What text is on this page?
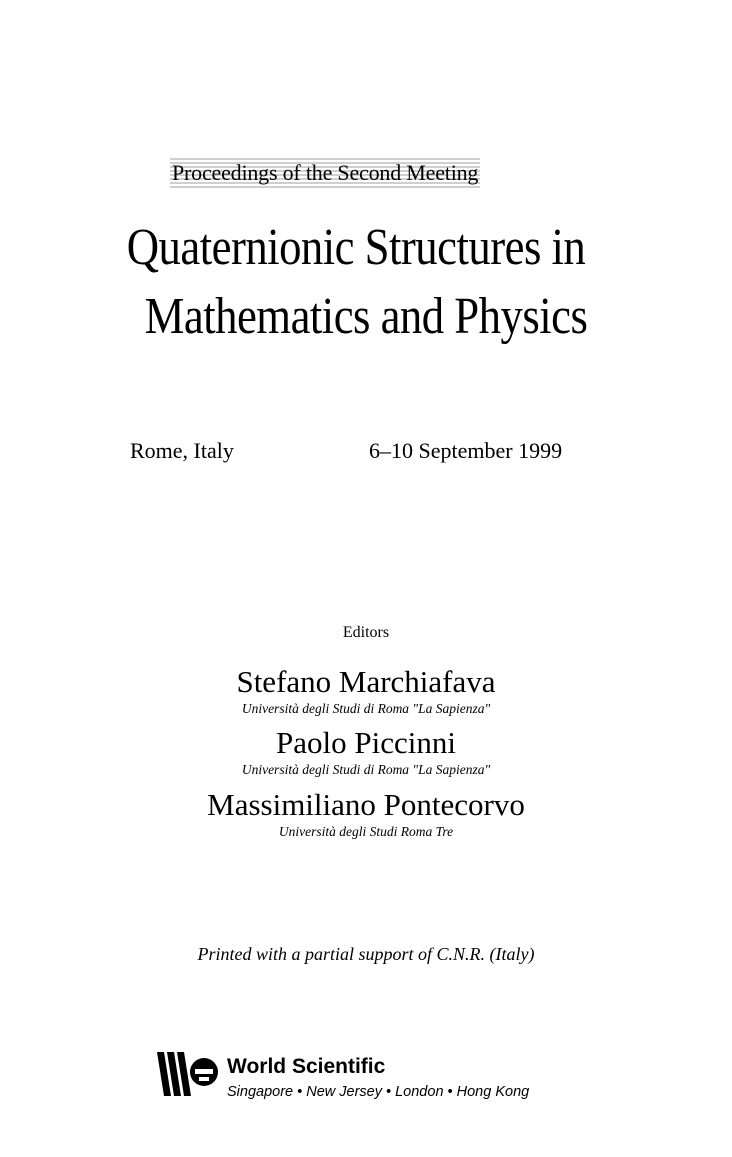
Proceedings of the Second Meeting
Quaternionic Structures in
Mathematics and Physics
Rome, Italy	6–10 September 1999
Editors
Stefano Marchiafava
Università degli Studi di Roma "La Sapienza"
Paolo Piccinni
Università degli Studi di Roma "La Sapienza"
Massimiliano Pontecorvo
Università degli Studi Roma Tre
Printed with a partial support of C.N.R. (Italy)
World Scientific
Singapore • New Jersey • London • Hong Kong
